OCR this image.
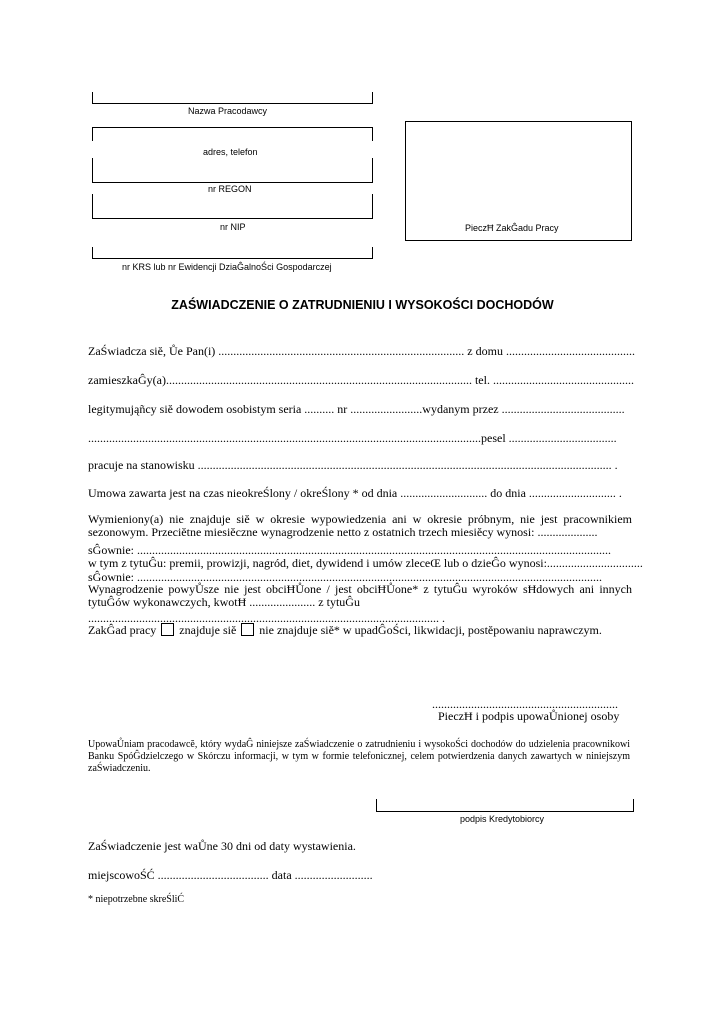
Nazwa Pracodawcy
adres, telefon
nr REGON
nr NIP
nr KRS lub nr Ewidencji DziaĜalnoŚci Gospodarczej
PieczĦ ZakĜadu Pracy
ZAŚWIADCZENIE O ZATRUDNIENIU I WYSOKOŚCI DOCHODÓW
ZaŚwiadcza siĕ, Ůe Pan(i) .................................................................................. z domu ...........................................
zamieszkaĜy(a)...................................................................................................... tel. ...............................................
legitymująñcy siĕ dowodem osobistym seria .......... nr ........................wydanym przez .........................................
...................................................................................................................................pesel ....................................
pracuje na stanowisku .......................................................................................................................................... .
Umowa zawarta jest na czas nieokreŚlony / okreŚlony * od dnia ............................. do dnia ............................. .
Wymieniony(a) nie znajduje siĕ w okresie wypowiedzenia ani w okresie próbnym, nie jest pracownikiem sezonowym. Przeciĕtne miesiĕczne wynagrodzenie netto z ostatnich trzech miesiĕcy wynosi: ....................
sĜownie: ..............................................................................................................................................................
w tym z tytuĜu: premii, prowizji, nagród, diet, dywidend i umów zleceŒ lub o dzieĜo wynosi:................................
sĜownie: ...........................................................................................................................................................
Wynagrodzenie powyŮsze nie jest obciĦŮone / jest obciĦŮone* z tytuĜu wyroków sĦdowych ani innych tytuĜów wykonawczych, kwotĦ ...................... z tytuĜu
..................................................................................................................... .
ZakĜad pracy znajduje siĕ nie znajduje siĕ* w upadĜoŚci, likwidacji, postĕpowaniu naprawczym.
..............................................................
PieczĦ i podpis upowaŮnionej osoby
UpowaŮniam pracodawcĕ, który wydaĜ niniejsze zaŚwiadczenie o zatrudnieniu i wysokoŚci dochodów do udzielenia pracownikowi Banku SpóĜdzielczego w Skórczu informacji, w tym w formie telefonicznej, celem potwierdzenia danych zawartych w niniejszym zaŚwiadczeniu.
podpis Kredytobiorcy
ZaŚwiadczenie jest waŮne 30 dni od daty wystawienia.
miejscowoŚĆ ..................................... data ..........................
* niepotrzebne skreŚliĆ
